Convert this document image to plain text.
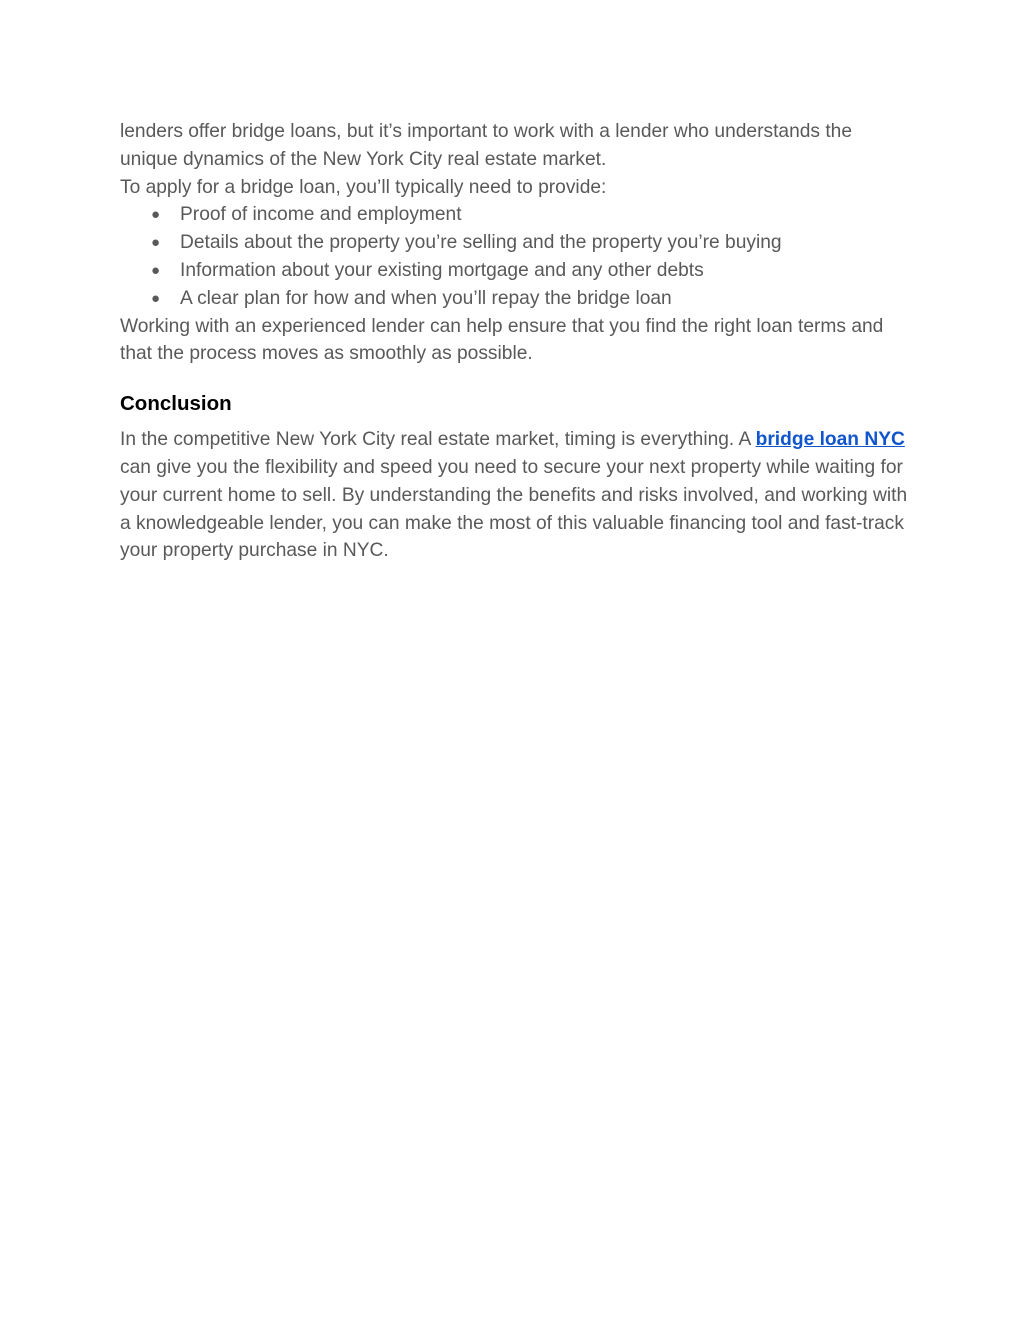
lenders offer bridge loans, but it’s important to work with a lender who understands the unique dynamics of the New York City real estate market.

To apply for a bridge loan, you’ll typically need to provide:

● Proof of income and employment
● Details about the property you’re selling and the property you’re buying
● Information about your existing mortgage and any other debts
● A clear plan for how and when you’ll repay the bridge loan

Working with an experienced lender can help ensure that you find the right loan terms and that the process moves as smoothly as possible.

Conclusion

In the competitive New York City real estate market, timing is everything. A bridge loan NYC can give you the flexibility and speed you need to secure your next property while waiting for your current home to sell. By understanding the benefits and risks involved, and working with a knowledgeable lender, you can make the most of this valuable financing tool and fast-track your property purchase in NYC.
